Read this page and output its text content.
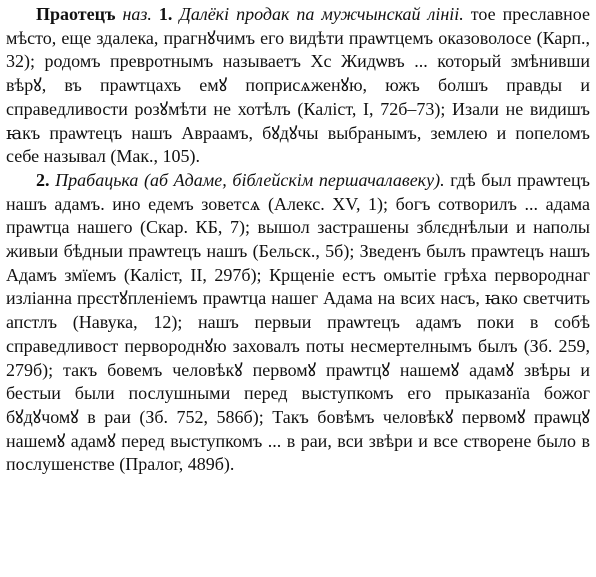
Праотецъ наз. 1. Далёкі продак па мужчынскай лініі. тое преславное мѣсто, еще здалека, прагнꙋчимъ его видѣти праѡтцемъ оказоволосе (Карп., 32); родомъ превротнымъ называетъ Хс Жидѡвъ ... который змѣнивши вѣрꙋ, въ праѡтцахъ емꙋ поприсѧженꙋю, южъ болшъ правды и справедливости розꙋмѣти не хотѣлъ (Каліст, I, 72б–73); Изали не видишъ ꙗкъ праѡтецъ нашъ Авраамъ, бꙋдꙋчы выбранымъ, землею и попеломъ себе называл (Мак., 105).

2. Прабацька (аб Адаме, біблейскім першачалавеку). гдѣ был праѡтецъ нашъ адамъ. ино едемъ зоветсѧ (Алекс. XV, 1); богъ сотворилъ ... адама праѡтца нашего (Скар. КБ, 7); вышол застрашены зблєднѣлыи и наполы живыи бѣдныи праѡтецъ нашъ (Бельск., 5б); Зведенъ былъ праѡтецъ нашъ Адамъ змїемъ (Каліст, II, 297б); Крщеніе естъ омытіе грѣха первороднаг изліанна прєстꙋпленіемъ праѡтца нашег Адама на всих насъ, ꙗко светчить апстлъ (Навука, 12); нашъ первыи праѡтецъ адамъ поки в собѣ справедливост первороднꙋю заховалъ поты несмертелнымъ былъ (Зб. 259, 279б); такъ бовемъ человѣкꙋ первомꙋ праѡтцꙋ нашемꙋ адамꙋ звѣры и бестыи были послушными перед выступкомъ его прыказанїа божог бꙋдꙋчомꙋ в раи (Зб. 752, 586б); Такъ бовѣмъ человѣкꙋ первомꙋ праѡцꙋ нашемꙋ адамꙋ перед выступкомъ ... в раи, вси звѣри и все створене было в послушенстве (Пралог, 489б).
